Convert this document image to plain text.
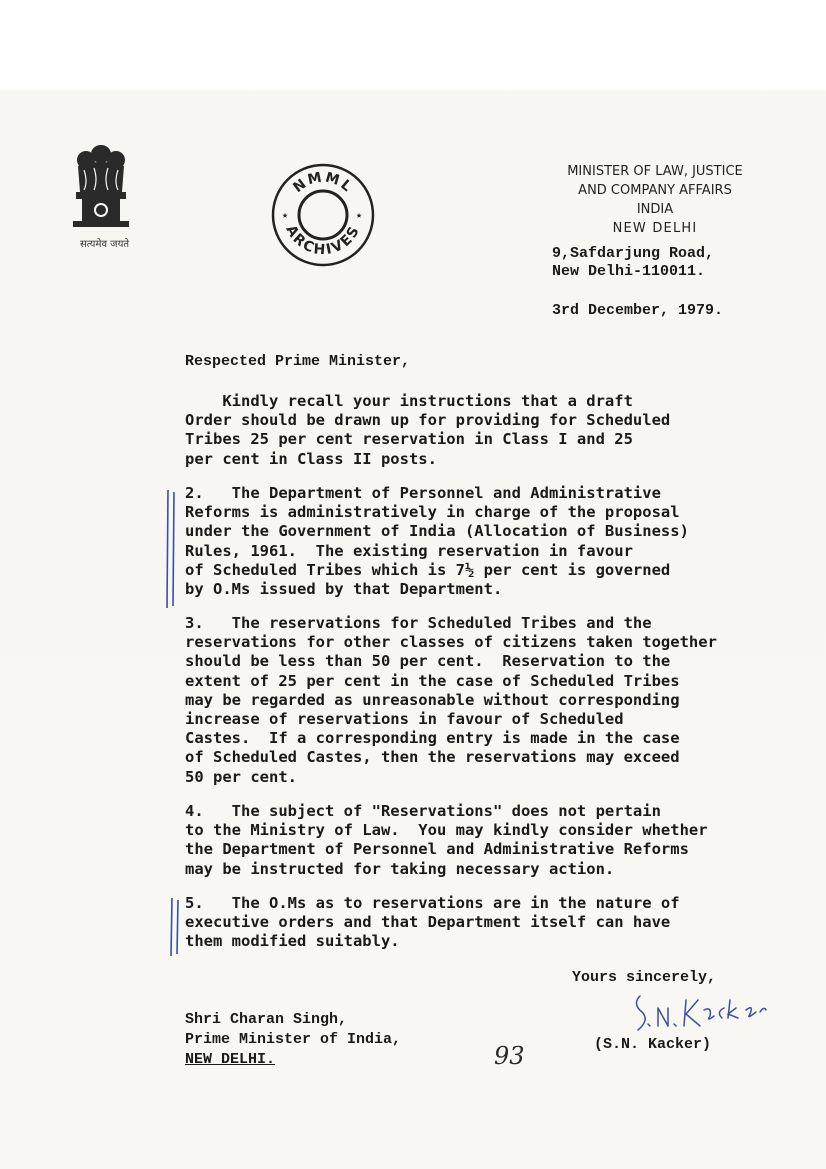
सत्यमेव जयते
NMML
ARCHIVES
★	★
MINISTER OF LAW, JUSTICE
AND COMPANY AFFAIRS
INDIA
NEW DELHI
9,Safdarjung Road,
New Delhi-110011.
3rd December, 1979.
Respected Prime Minister,
Kindly recall your instructions that a draft
Order should be drawn up for providing for Scheduled
Tribes 25 per cent reservation in Class I and 25
per cent in Class II posts.
2.   The Department of Personnel and Administrative
Reforms is administratively in charge of the proposal
under the Government of India (Allocation of Business)
Rules, 1961.  The existing reservation in favour
of Scheduled Tribes which is 7½ per cent is governed
by O.Ms issued by that Department.
3.   The reservations for Scheduled Tribes and the
reservations for other classes of citizens taken together
should be less than 50 per cent.  Reservation to the
extent of 25 per cent in the case of Scheduled Tribes
may be regarded as unreasonable without corresponding
increase of reservations in favour of Scheduled
Castes.  If a corresponding entry is made in the case
of Scheduled Castes, then the reservations may exceed
50 per cent.
4.   The subject of "Reservations" does not pertain
to the Ministry of Law.  You may kindly consider whether
the Department of Personnel and Administrative Reforms
may be instructed for taking necessary action.
5.   The O.Ms as to reservations are in the nature of
executive orders and that Department itself can have
them modified suitably.
Yours sincerely,
(S.N. Kacker)
Shri Charan Singh,
Prime Minister of India,
NEW DELHI.	93
